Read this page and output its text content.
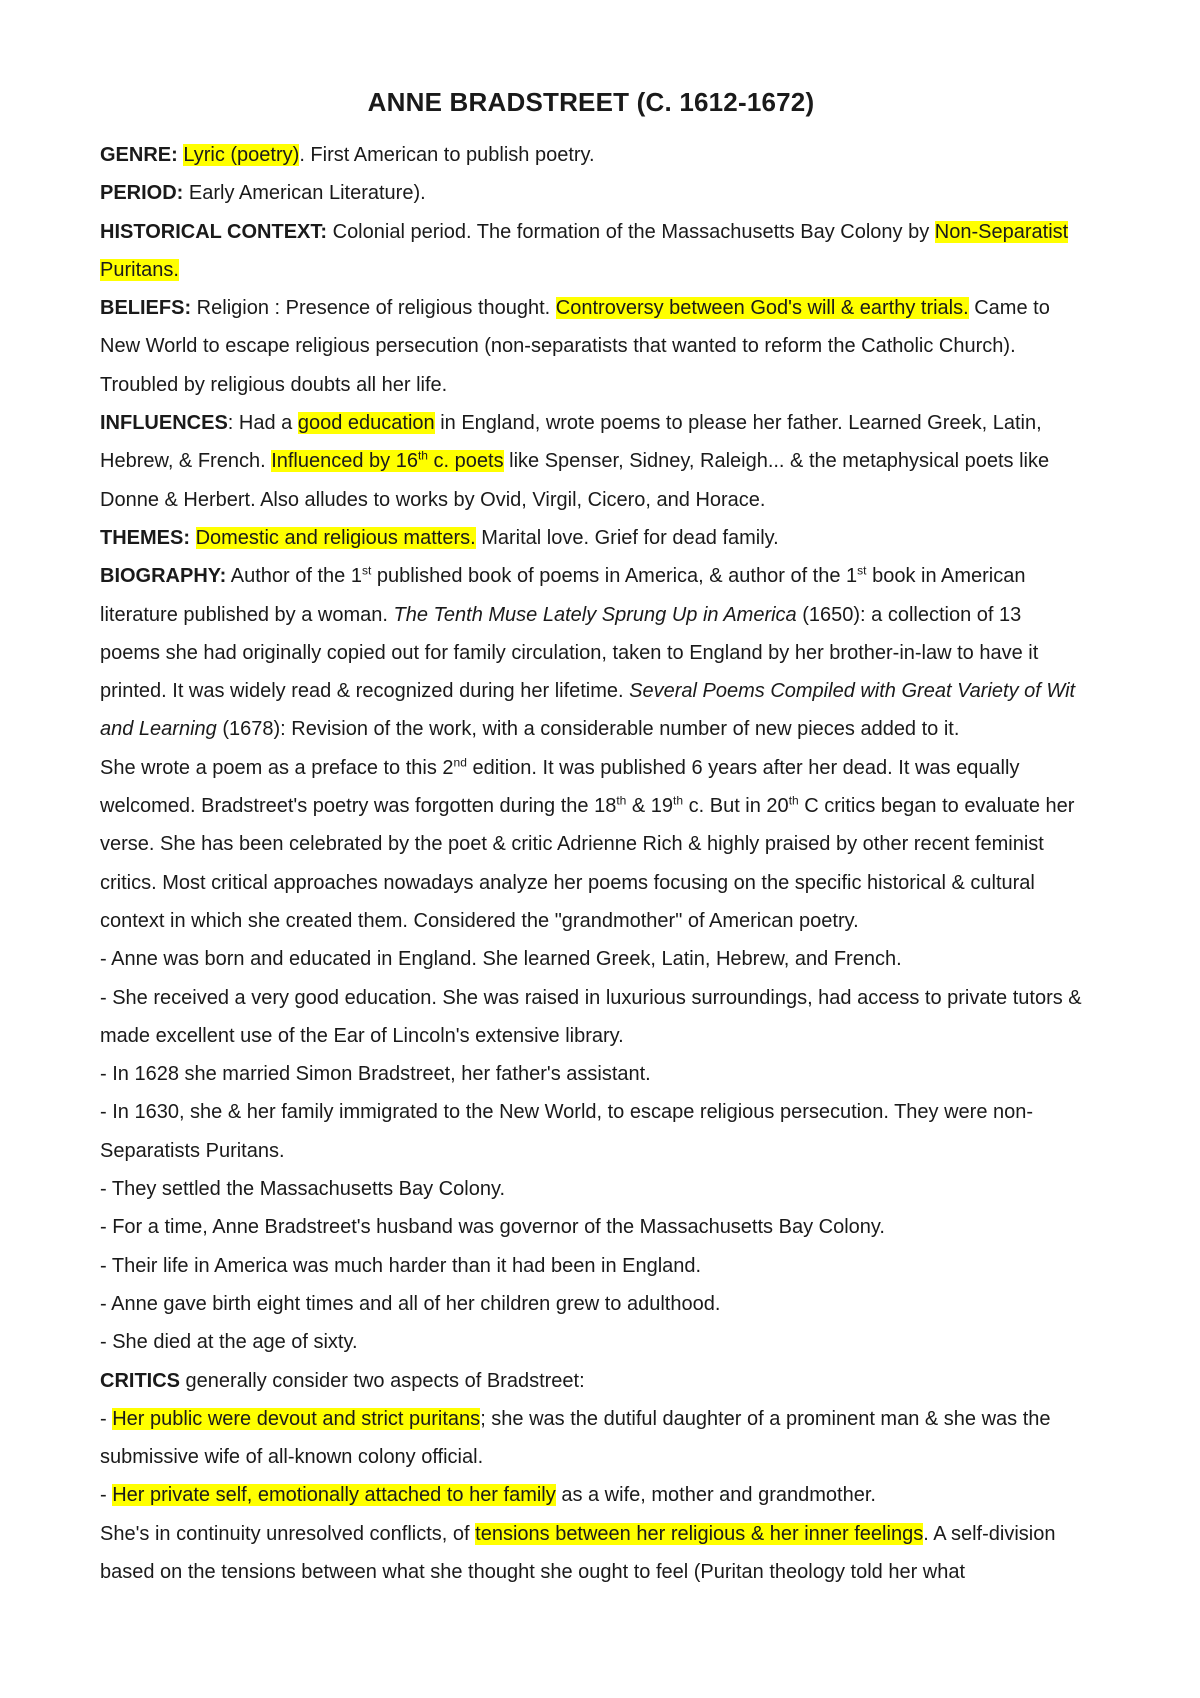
ANNE BRADSTREET (C. 1612-1672)

GENRE: Lyric (poetry). First American to publish poetry.

PERIOD: Early American Literature).

HISTORICAL CONTEXT: Colonial period. The formation of the Massachusetts Bay Colony by Non-Separatist Puritans.

BELIEFS: Religion : Presence of religious thought. Controversy between God's will & earthy trials. Came to New World to escape religious persecution (non-separatists that wanted to reform the Catholic Church). Troubled by religious doubts all her life.

INFLUENCES: Had a good education in England, wrote poems to please her father. Learned Greek, Latin, Hebrew, & French. Influenced by 16th c. poets like Spenser, Sidney, Raleigh... & the metaphysical poets like Donne & Herbert. Also alludes to works by Ovid, Virgil, Cicero, and Horace.

THEMES: Domestic and religious matters. Marital love. Grief for dead family.

BIOGRAPHY: Author of the 1st published book of poems in America, & author of the 1st book in American literature published by a woman. The Tenth Muse Lately Sprung Up in America (1650): a collection of 13 poems she had originally copied out for family circulation, taken to England by her brother-in-law to have it printed. It was widely read & recognized during her lifetime. Several Poems Compiled with Great Variety of Wit and Learning (1678): Revision of the work, with a considerable number of new pieces added to it.

She wrote a poem as a preface to this 2nd edition. It was published 6 years after her dead. It was equally welcomed. Bradstreet's poetry was forgotten during the 18th & 19th c. But in 20th C critics began to evaluate her verse. She has been celebrated by the poet & critic Adrienne Rich & highly praised by other recent feminist critics. Most critical approaches nowadays analyze her poems focusing on the specific historical & cultural context in which she created them. Considered the "grandmother" of American poetry.

- Anne was born and educated in England. She learned Greek, Latin, Hebrew, and French.

- She received a very good education. She was raised in luxurious surroundings, had access to private tutors & made excellent use of the Ear of Lincoln's extensive library.

- In 1628 she married Simon Bradstreet, her father's assistant.

- In 1630, she & her family immigrated to the New World, to escape religious persecution. They were non-Separatists Puritans.

- They settled the Massachusetts Bay Colony.

- For a time, Anne Bradstreet's husband was governor of the Massachusetts Bay Colony.

- Their life in America was much harder than it had been in England.

- Anne gave birth eight times and all of her children grew to adulthood.

- She died at the age of sixty.

CRITICS generally consider two aspects of Bradstreet:

- Her public were devout and strict puritans; she was the dutiful daughter of a prominent man & she was the submissive wife of all-known colony official.

- Her private self, emotionally attached to her family as a wife, mother and grandmother.

She's in continuity unresolved conflicts, of tensions between her religious & her inner feelings. A self-division based on the tensions between what she thought she ought to feel (Puritan theology told her what
